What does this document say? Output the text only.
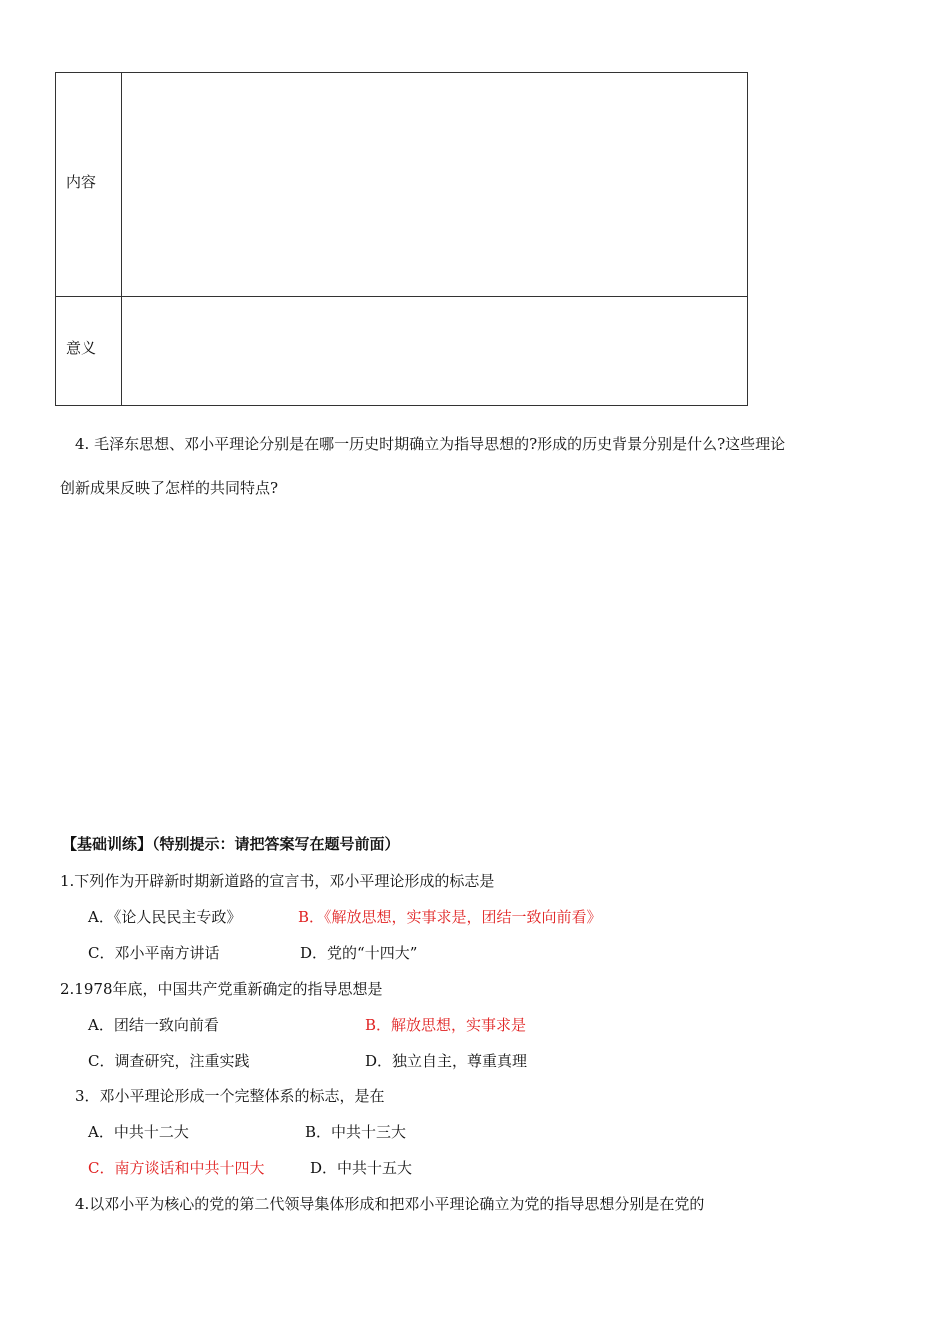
内容
意义
4. 毛泽东思想、邓小平理论分别是在哪一历史时期确立为指导思想的?形成的历史背景分别是什么?这些理论
创新成果反映了怎样的共同特点?
【基础训练】（特别提示：请把答案写在题号前面）
1.下列作为开辟新时期新道路的宣言书，邓小平理论形成的标志是
A．《论人民民主专政》	B．《解放思想，实事求是，团结一致向前看》
C．邓小平南方讲话	D．党的“十四大”
2.1978年底，中国共产党重新确定的指导思想是
A．团结一致向前看	B．解放思想，实事求是
C．调查研究，注重实践	D．独立自主，尊重真理
3．邓小平理论形成一个完整体系的标志，是在
A．中共十二大	B．中共十三大
C．南方谈话和中共十四大	D．中共十五大
4.以邓小平为核心的党的第二代领导集体形成和把邓小平理论确立为党的指导思想分别是在党的
